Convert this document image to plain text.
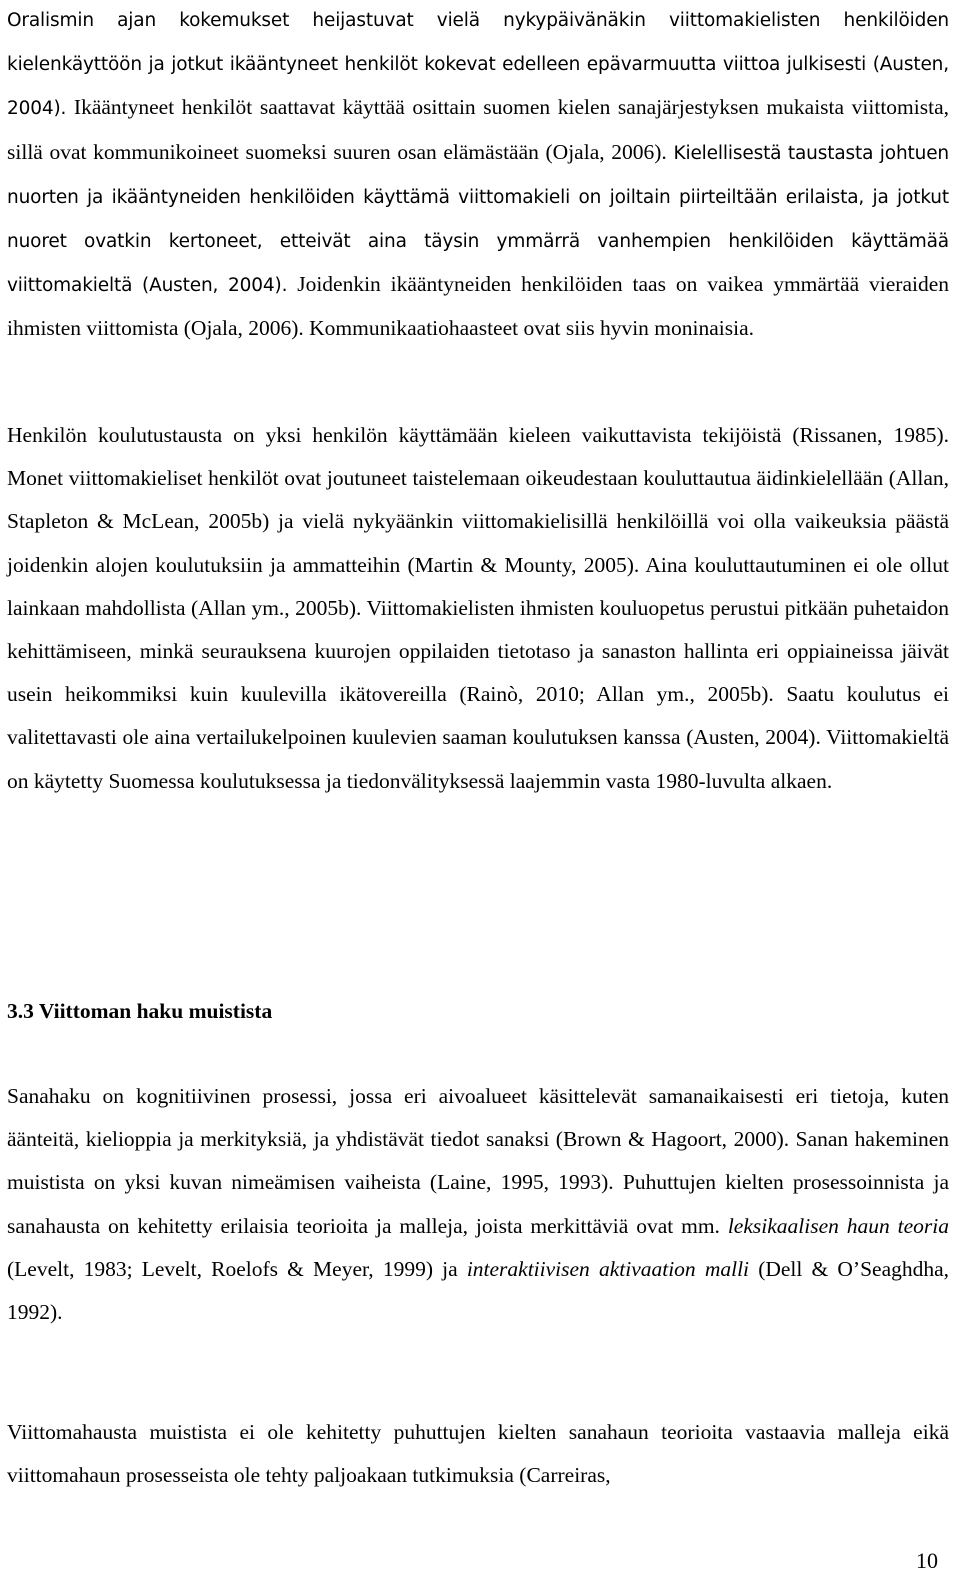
Oralismin ajan kokemukset heijastuvat vielä nykypäivänäkin viittomakielisten henkilöiden kielenkäyttöön ja jotkut ikääntyneet henkilöt kokevat edelleen epävarmuutta viittoa julkisesti (Austen, 2004). Ikääntyneet henkilöt saattavat käyttää osittain suomen kielen sanajärjestyksen mukaista viittomista, sillä ovat kommunikoineet suomeksi suuren osan elämästään (Ojala, 2006). Kielellisestä taustasta johtuen nuorten ja ikääntyneiden henkilöiden käyttämä viittomakieli on joiltain piirteiltään erilaista, ja jotkut nuoret ovatkin kertoneet, etteivät aina täysin ymmärrä vanhempien henkilöiden käyttämää viittomakieltä (Austen, 2004). Joidenkin ikääntyneiden henkilöiden taas on vaikea ymmärtää vieraiden ihmisten viittomista (Ojala, 2006). Kommunikaatiohaasteet ovat siis hyvin moninaisia.

Henkilön koulutustausta on yksi henkilön käyttämään kieleen vaikuttavista tekijöistä (Rissanen, 1985). Monet viittomakieliset henkilöt ovat joutuneet taistelemaan oikeudestaan kouluttautua äidinkielellään (Allan, Stapleton & McLean, 2005b) ja vielä nykyäänkin viittomakielisillä henkilöillä voi olla vaikeuksia päästä joidenkin alojen koulutuksiin ja ammatteihin (Martin & Mounty, 2005). Aina kouluttautuminen ei ole ollut lainkaan mahdollista (Allan ym., 2005b). Viittomakielisten ihmisten kouluopetus perustui pitkään puhetaidon kehittämiseen, minkä seurauksena kuurojen oppilaiden tietotaso ja sanaston hallinta eri oppiaineissa jäivät usein heikommiksi kuin kuulevilla ikätovereilla (Rainò, 2010; Allan ym., 2005b). Saatu koulutus ei valitettavasti ole aina vertailukelpoinen kuulevien saaman koulutuksen kanssa (Austen, 2004). Viittomakieltä on käytetty Suomessa koulutuksessa ja tiedonvälityksessä laajemmin vasta 1980-luvulta alkaen.

3.3 Viittoman haku muistista

Sanahaku on kognitiivinen prosessi, jossa eri aivoalueet käsittelevät samanaikaisesti eri tietoja, kuten äänteitä, kielioppia ja merkityksiä, ja yhdistävät tiedot sanaksi (Brown & Hagoort, 2000). Sanan hakeminen muistista on yksi kuvan nimeämisen vaiheista (Laine, 1995, 1993). Puhuttujen kielten prosessoinnista ja sanahausta on kehitetty erilaisia teorioita ja malleja, joista merkittäviä ovat mm. leksikaalisen haun teoria (Levelt, 1983; Levelt, Roelofs & Meyer, 1999) ja interaktiivisen aktivaation malli (Dell & O’Seaghdha, 1992).

Viittomahausta muistista ei ole kehitetty puhuttujen kielten sanahaun teorioita vastaavia malleja eikä viittomahaun prosesseista ole tehty paljoakaan tutkimuksia (Carreiras,

10
